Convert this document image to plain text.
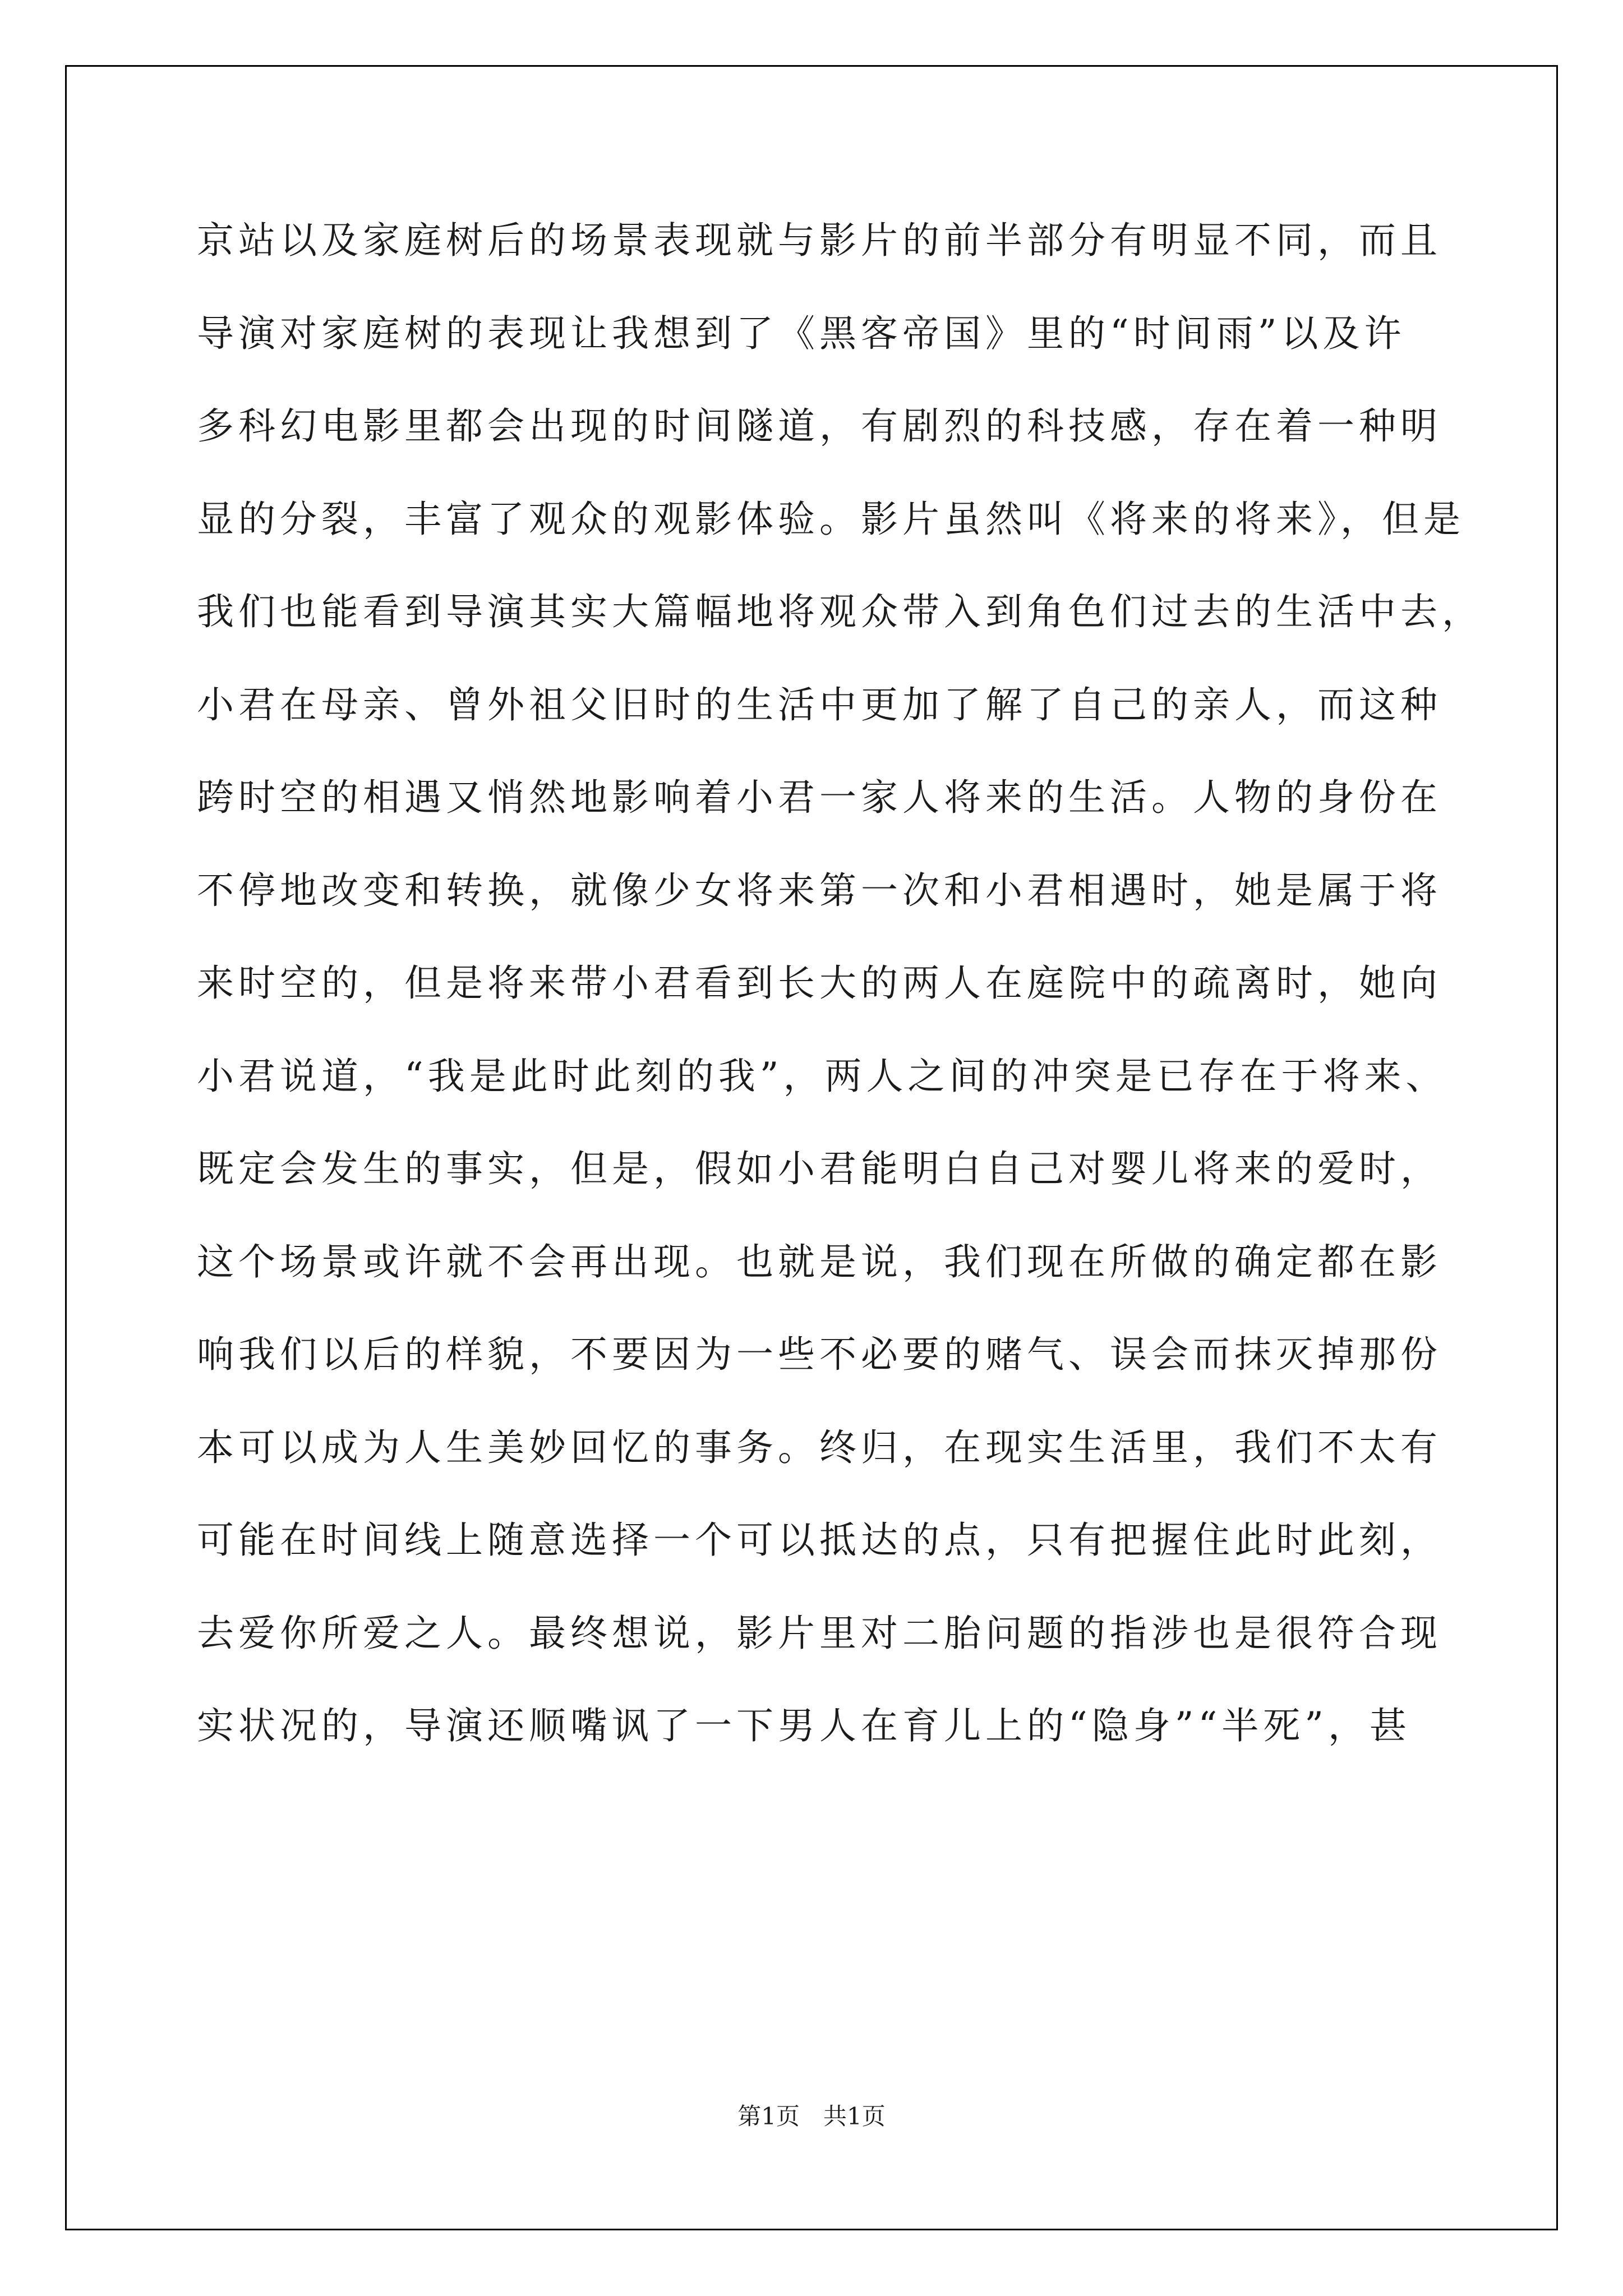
京站以及家庭树后的场景表现就与影片的前半部分有明显不同，而且
导演对家庭树的表现让我想到了《黑客帝国》里的“时间雨”以及许
多科幻电影里都会出现的时间隧道，有剧烈的科技感，存在着一种明
显的分裂，丰富了观众的观影体验。影片虽然叫《将来的将来》，但是
我们也能看到导演其实大篇幅地将观众带入到角色们过去的生活中去，
小君在母亲、曾外祖父旧时的生活中更加了解了自己的亲人，而这种
跨时空的相遇又悄然地影响着小君一家人将来的生活。人物的身份在
不停地改变和转换，就像少女将来第一次和小君相遇时，她是属于将
来时空的，但是将来带小君看到长大的两人在庭院中的疏离时，她向
小君说道，“我是此时此刻的我”，两人之间的冲突是已存在于将来、
既定会发生的事实，但是，假如小君能明白自己对婴儿将来的爱时，
这个场景或许就不会再出现。也就是说，我们现在所做的确定都在影
响我们以后的样貌，不要因为一些不必要的赌气、误会而抹灭掉那份
本可以成为人生美妙回忆的事务。终归，在现实生活里，我们不太有
可能在时间线上随意选择一个可以抵达的点，只有把握住此时此刻，
去爱你所爱之人。最终想说，影片里对二胎问题的指涉也是很符合现
实状况的，导演还顺嘴讽了一下男人在育儿上的“隐身”“半死”，甚
第1页　共1页
